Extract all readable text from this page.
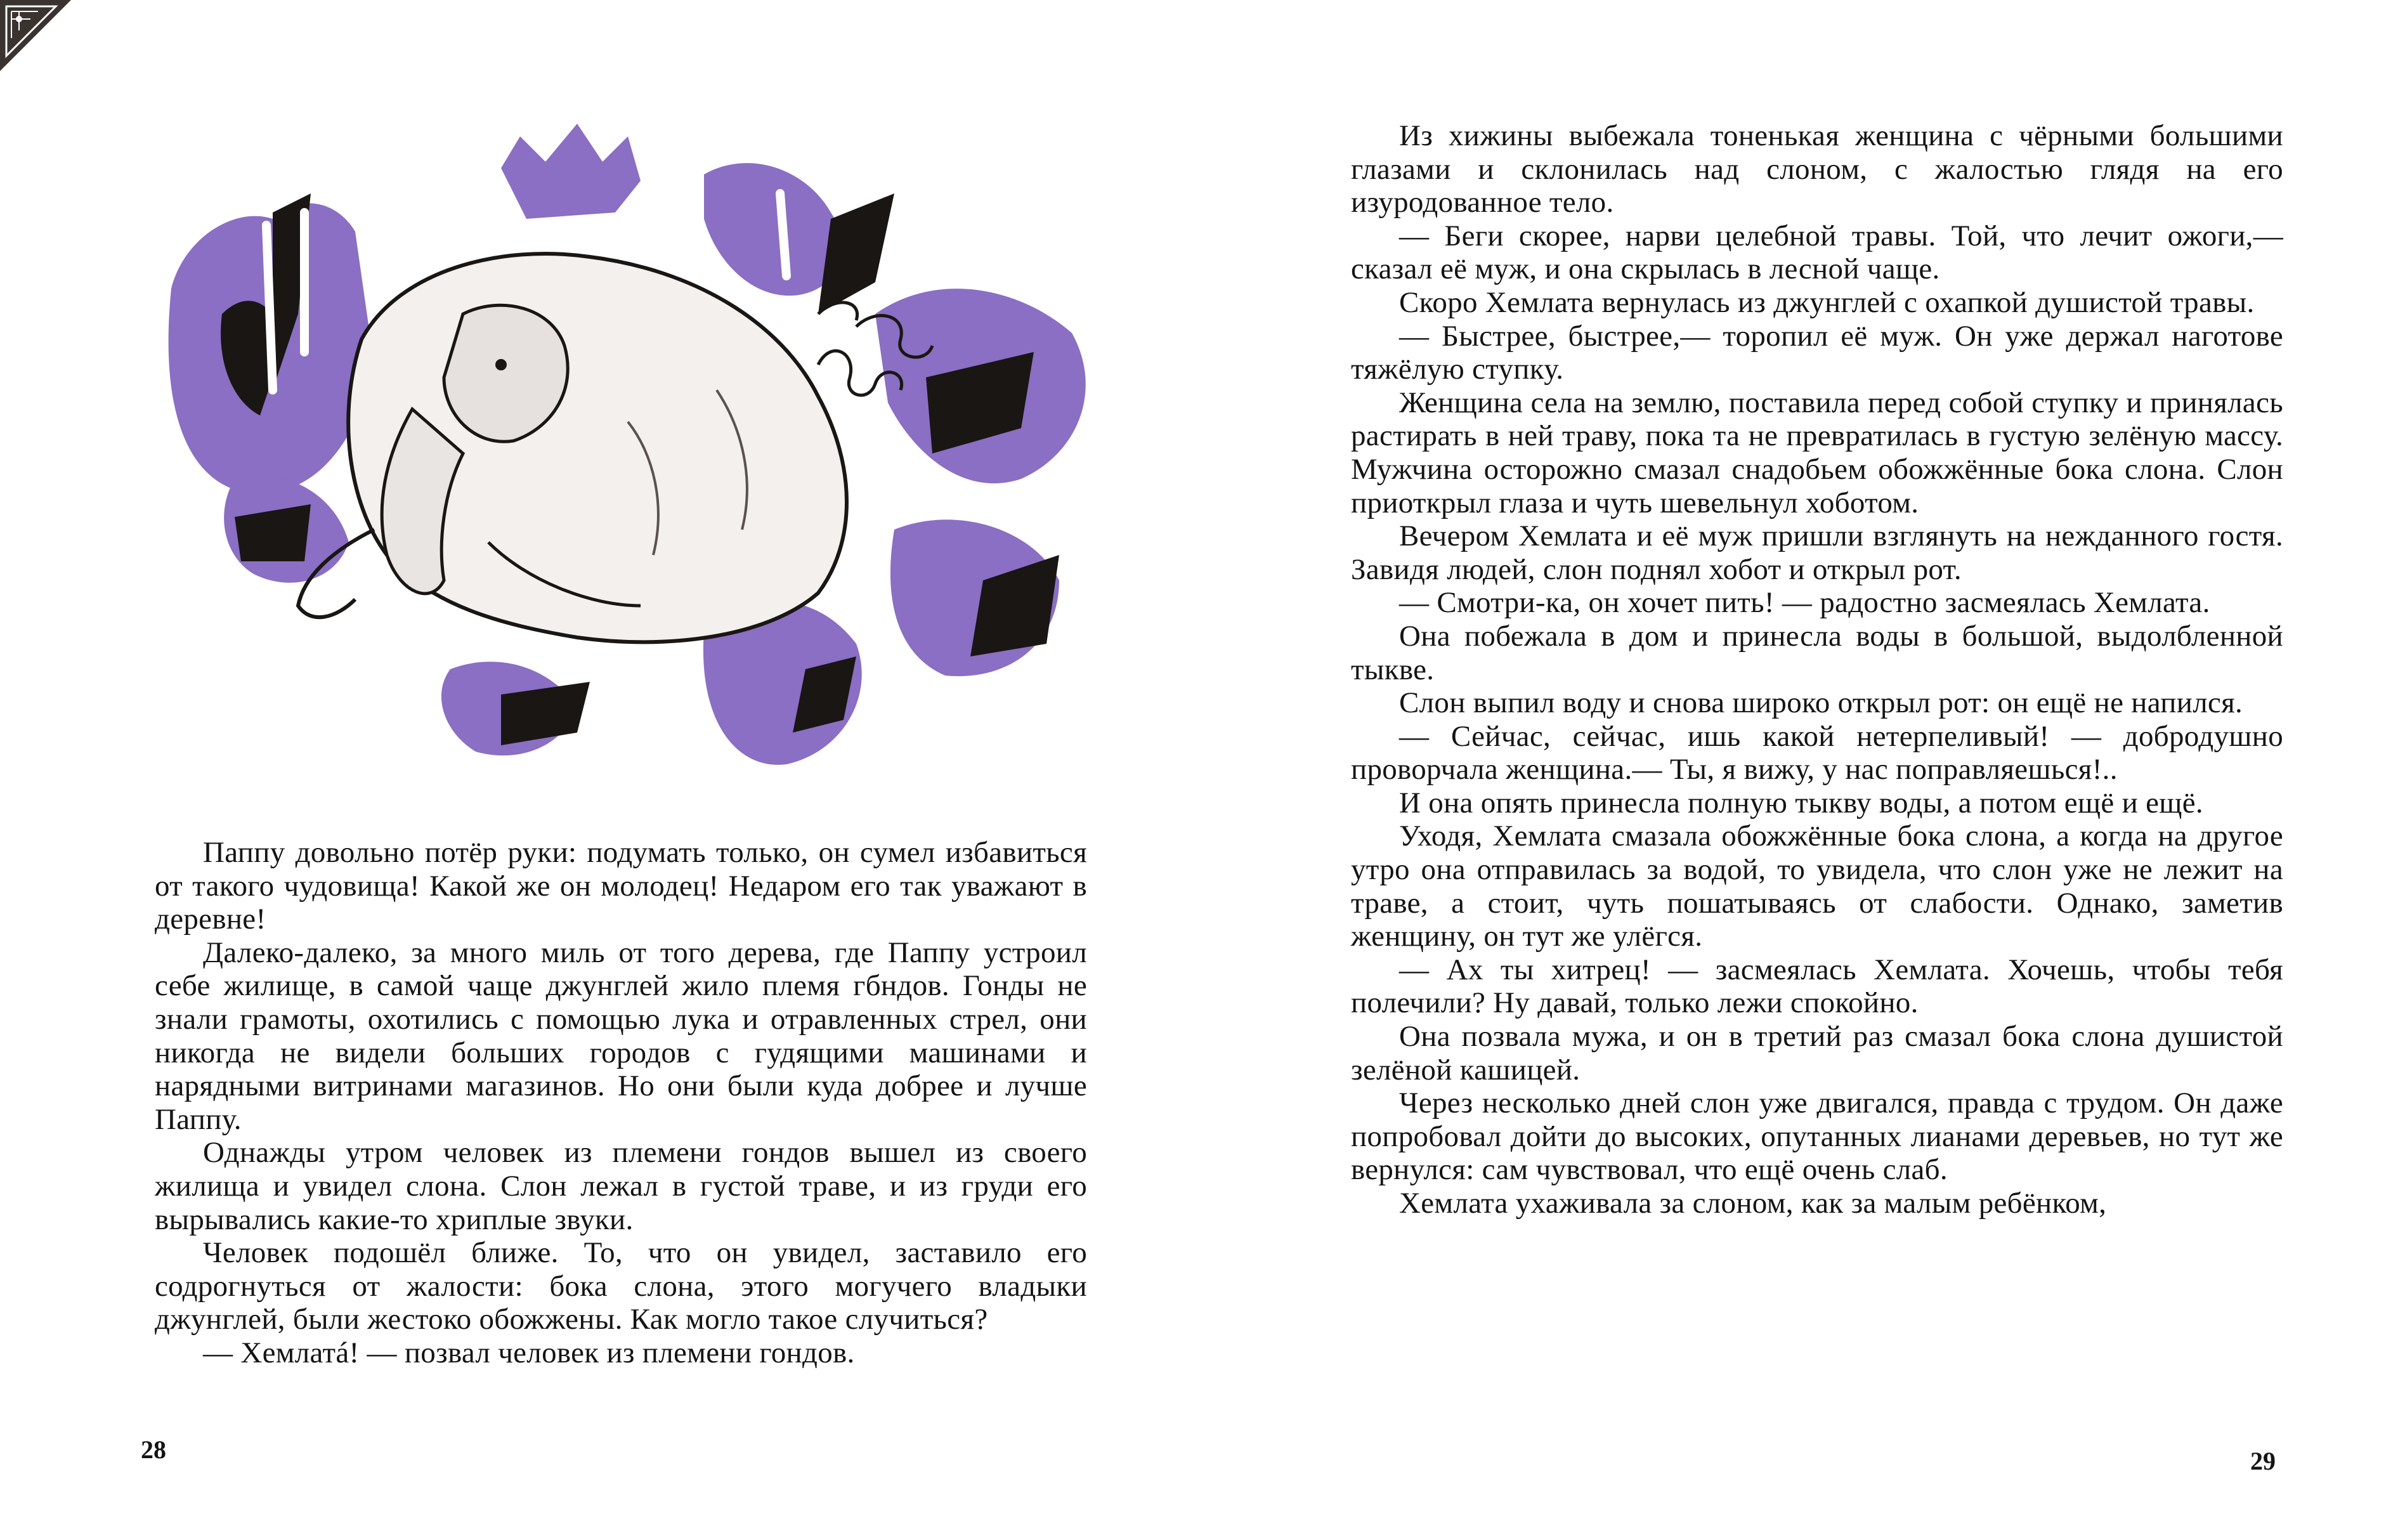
Паппу довольно потёр руки: подумать только, он сумел избавиться от такого чудовища! Какой же он молодец! Недаром его так уважают в деревне!

Далеко-далеко, за много миль от того дерева, где Паппу устроил себе жилище, в самой чаще джунглей жило племя гбндов. Гонды не знали грамоты, охотились с помощью лука и отравленных стрел, они никогда не видели больших городов с гудящими машинами и нарядными витринами магазинов. Но они были куда добрее и лучше Паппу.

Однажды утром человек из племени гондов вышел из своего жилища и увидел слона. Слон лежал в густой траве, и из груди его вырывались какие-то хриплые звуки.

Человек подошёл ближе. То, что он увидел, заставило его содрогнуться от жалости: бока слона, этого могучего владыки джунглей, были жестоко обожжены. Как могло такое случиться?

— Хемлатá! — позвал человек из племени гондов.

28

Из хижины выбежала тоненькая женщина с чёрными большими глазами и склонилась над слоном, с жалостью глядя на его изуродованное тело.

— Беги скорее, нарви целебной травы. Той, что лечит ожоги,— сказал её муж, и она скрылась в лесной чаще.

Скоро Хемлата вернулась из джунглей с охапкой душистой травы.

— Быстрее, быстрее,— торопил её муж. Он уже держал наготове тяжёлую ступку.

Женщина села на землю, поставила перед собой ступку и принялась растирать в ней траву, пока та не превратилась в густую зелёную массу. Мужчина осторожно смазал снадобьем обожжённые бока слона. Слон приоткрыл глаза и чуть шевельнул хоботом.

Вечером Хемлата и её муж пришли взглянуть на нежданного гостя. Завидя людей, слон поднял хобот и открыл рот.

— Смотри-ка, он хочет пить! — радостно засмеялась Хемлата.

Она побежала в дом и принесла воды в большой, выдолбленной тыкве.

Слон выпил воду и снова широко открыл рот: он ещё не напился.

— Сейчас, сейчас, ишь какой нетерпеливый! — добродушно проворчала женщина.— Ты, я вижу, у нас поправляешься!..

И она опять принесла полную тыкву воды, а потом ещё и ещё.

Уходя, Хемлата смазала обожжённые бока слона, а когда на другое утро она отправилась за водой, то увидела, что слон уже не лежит на траве, а стоит, чуть пошатываясь от слабости. Однако, заметив женщину, он тут же улёгся.

— Ах ты хитрец! — засмеялась Хемлата. Хочешь, чтобы тебя полечили? Ну давай, только лежи спокойно.

Она позвала мужа, и он в третий раз смазал бока слона душистой зелёной кашицей.

Через несколько дней слон уже двигался, правда с трудом. Он даже попробовал дойти до высоких, опутанных лианами деревьев, но тут же вернулся: сам чувствовал, что ещё очень слаб.

Хемлата ухаживала за слоном, как за малым ребёнком,

29
